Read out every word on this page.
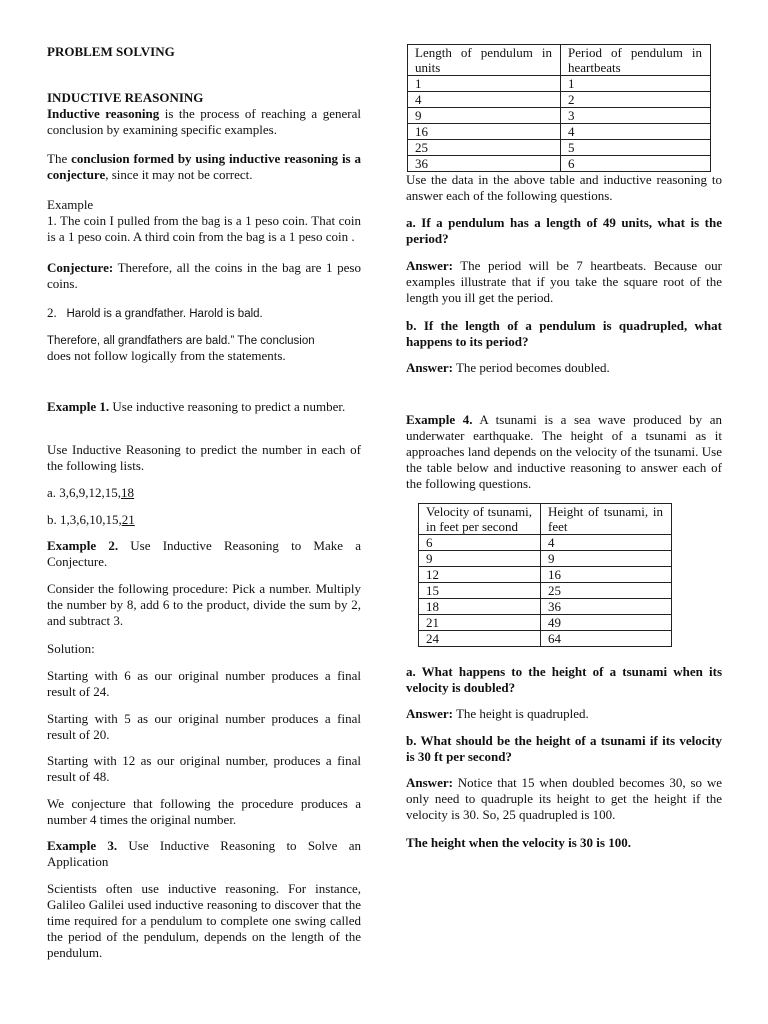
PROBLEM SOLVING

INDUCTIVE REASONING

Inductive reasoning is the process of reaching a general conclusion by examining specific examples.

The conclusion formed by using inductive reasoning is a conjecture, since it may not be correct.

Example

1. The coin I pulled from the bag is a 1 peso coin. That coin is a 1 peso coin. A third coin from the bag is a 1 peso coin .

Conjecture: Therefore, all the coins in the bag are 1 peso coins.

2. Harold is a grandfather. Harold is bald.

Therefore, all grandfathers are bald.” The conclusion

does not follow logically from the statements.

Example 1. Use inductive reasoning to predict a number.

Use Inductive Reasoning to predict the number in each of the following lists.

a. 3,6,9,12,15,18

b. 1,3,6,10,15,21

Example 2. Use Inductive Reasoning to Make a Conjecture.

Consider the following procedure: Pick a number. Multiply the number by 8, add 6 to the product, divide the sum by 2, and subtract 3.

Solution:

Starting with 6 as our original number produces a final result of 24.

Starting with 5 as our original number produces a final result of 20.

Starting with 12 as our original number, produces a final result of 48.

We conjecture that following the procedure produces a number 4 times the original number.

Example 3. Use Inductive Reasoning to Solve an Application

Scientists often use inductive reasoning. For instance, Galileo Galilei used inductive reasoning to discover that the time required for a pendulum to complete one swing called the period of the pendulum, depends on the length of the pendulum.

Length of pendulum in units	Period of pendulum in heartbeats
1	1
4	2
9	3
16	4
25	5
36	6

Use the data in the above table and inductive reasoning to answer each of the following questions.

a. If a pendulum has a length of 49 units, what is the period?

Answer: The period will be 7 heartbeats. Because our examples illustrate that if you take the square root of the length you ill get the period.

b. If the length of a pendulum is quadrupled, what happens to its period?

Answer: The period becomes doubled.

Example 4. A tsunami is a sea wave produced by an underwater earthquake. The height of a tsunami as it approaches land depends on the velocity of the tsunami. Use the table below and inductive reasoning to answer each of the following questions.

Velocity of tsunami, in feet per second	Height of tsunami, in feet
6	4
9	9
12	16
15	25
18	36
21	49
24	64

a. What happens to the height of a tsunami when its velocity is doubled?

Answer: The height is quadrupled.

b. What should be the height of a tsunami if its velocity is 30 ft per second?

Answer: Notice that 15 when doubled becomes 30, so we only need to quadruple its height to get the height if the velocity is 30. So, 25 quadrupled is 100.

The height when the velocity is 30 is 100.
